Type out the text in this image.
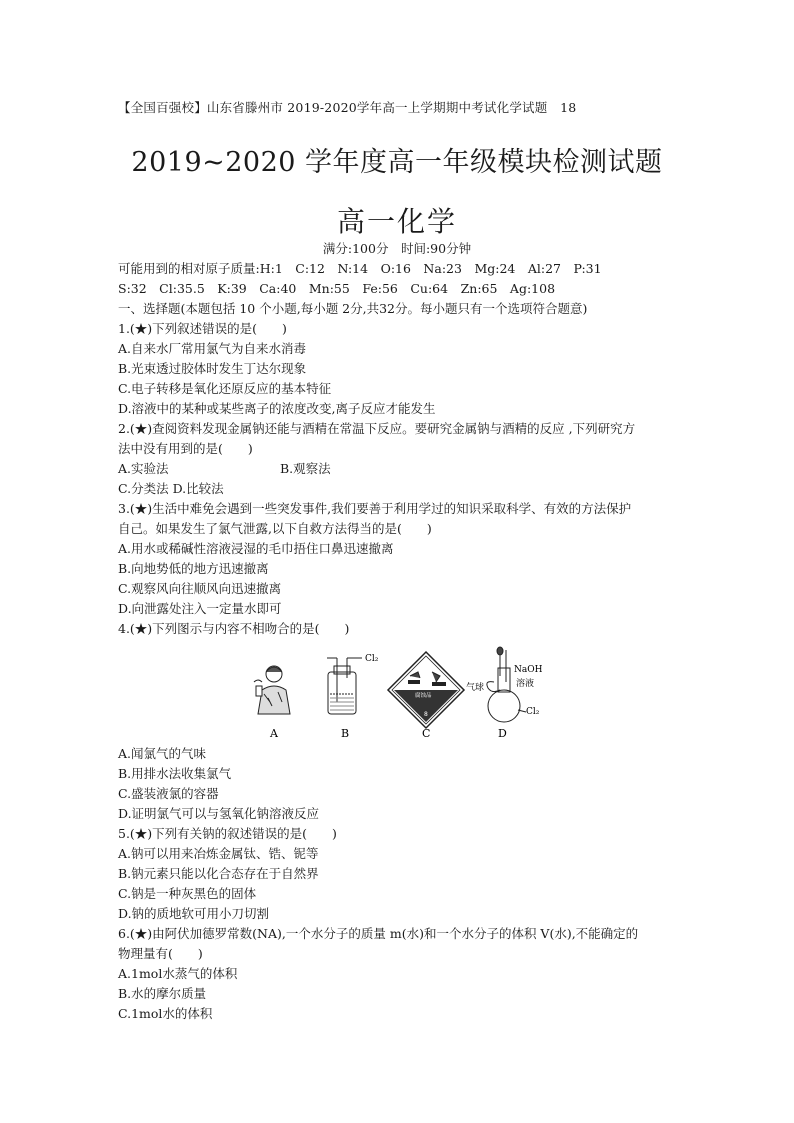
【全国百强校】山东省滕州市 2019-2020学年高一上学期期中考试化学试题　18
2019~2020 学年度高一年级模块检测试题
高一化学
满分:100分　时间:90分钟
可能用到的相对原子质量:H:1　C:12　N:14　O:16　Na:23　Mg:24　Al:27　P:31
S:32　Cl:35.5　K:39　Ca:40　Mn:55　Fe:56　Cu:64　Zn:65　Ag:108
一、选择题(本题包括 10 个小题,每小题 2分,共32分。每小题只有一个选项符合题意)
1.(★)下列叙述错误的是(　　)
A.自来水厂常用氯气为自来水消毒
B.光束透过胶体时发生丁达尔现象
C.电子转移是氧化还原反应的基本特征
D.溶液中的某种或某些离子的浓度改变,离子反应才能发生
2.(★)查阅资料发现金属钠还能与酒精在常温下反应。要研究金属钠与酒精的反应 ,下列研究方
法中没有用到的是(　　)
A.实验法	B.观察法
C.分类法 D.比较法
3.(★)生活中难免会遇到一些突发事件,我们要善于利用学过的知识采取科学、有效的方法保护
自己。如果发生了氯气泄露,以下自救方法得当的是(　　)
A.用水或稀碱性溶液浸湿的毛巾捂住口鼻迅速撤离
B.向地势低的地方迅速撤离
C.观察风向往顺风向迅速撤离
D.向泄露处注入一定量水即可
4.(★)下列图示与内容不相吻合的是(　　)
A.闻氯气的气味
B.用排水法收集氯气
C.盛装液氯的容器
D.证明氯气可以与氢氧化钠溶液反应
5.(★)下列有关钠的叙述错误的是(　　)
A.钠可以用来冶炼金属钛、锆、铌等
B.钠元素只能以化合态存在于自然界
C.钠是一种灰黑色的固体
D.钠的质地软可用小刀切割
6.(★)由阿伏加德罗常数(NA),一个水分子的质量 m(水)和一个水分子的体积 V(水),不能确定的
物理量有(　　)
A.1mol水蒸气的体积
B.水的摩尔质量
C.1mol水的体积
Cl₂
腐蚀品
8
NaOH
溶液
气球
Cl₂
A	B	C	D
